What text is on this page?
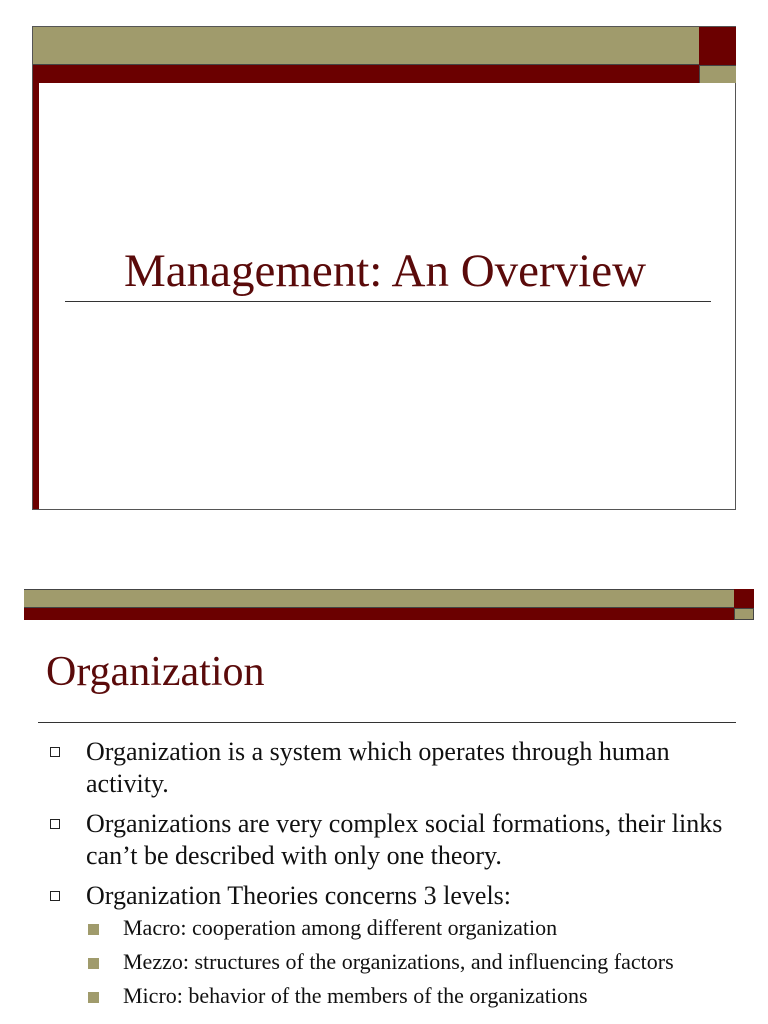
Management: An Overview
Organization
Organization is a system which operates through human activity.
Organizations are very complex social formations, their links can’t be described with only one theory.
Organization Theories concerns 3 levels:
Macro: cooperation among different organization
Mezzo: structures of the organizations, and influencing factors
Micro: behavior of the members of the organizations
